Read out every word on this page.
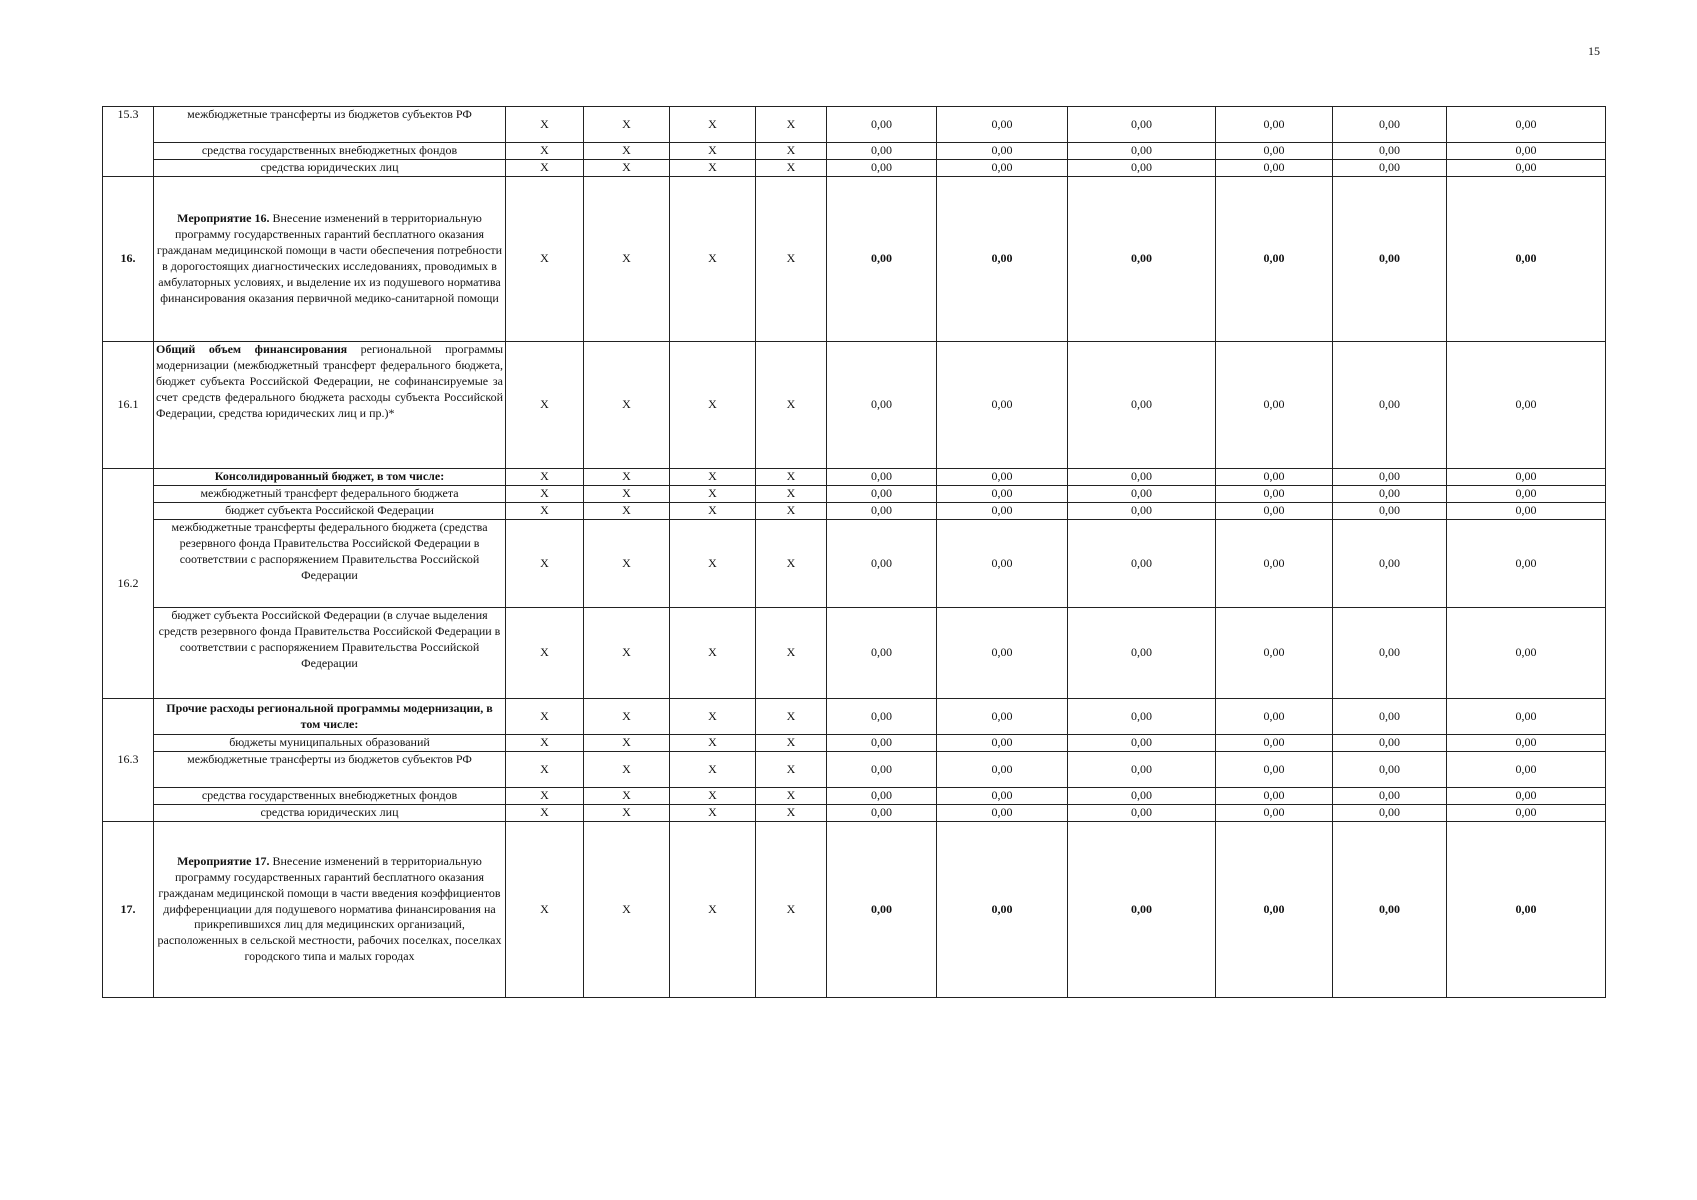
15
15.3	межбюджетные трансферты из бюджетов субъектов РФ	X	X	X	X	0,00	0,00	0,00	0,00	0,00	0,00
	средства государственных внебюджетных фондов	X	X	X	X	0,00	0,00	0,00	0,00	0,00	0,00
	средства юридических лиц	X	X	X	X	0,00	0,00	0,00	0,00	0,00	0,00
16.	Мероприятие 16. Внесение изменений в территориальную программу государственных гарантий бесплатного оказания гражданам медицинской помощи в части обеспечения потребности в дорогостоящих диагностических исследованиях, проводимых в амбулаторных условиях, и выделение их из подушевого норматива финансирования оказания первичной медико-санитарной помощи	X	X	X	X	0,00	0,00	0,00	0,00	0,00	0,00
16.1	Общий объем финансирования региональной программы модернизации (межбюджетный трансферт федерального бюджета, бюджет субъекта Российской Федерации, не софинансируемые за счет средств федерального бюджета расходы субъекта Российской Федерации, средства юридических лиц и пр.)*	X	X	X	X	0,00	0,00	0,00	0,00	0,00	0,00
16.2	Консолидированный бюджет, в том числе:	X	X	X	X	0,00	0,00	0,00	0,00	0,00	0,00
	межбюджетный трансферт федерального бюджета	X	X	X	X	0,00	0,00	0,00	0,00	0,00	0,00
	бюджет субъекта Российской Федерации	X	X	X	X	0,00	0,00	0,00	0,00	0,00	0,00
	межбюджетные трансферты федерального бюджета (средства резервного фонда Правительства Российской Федерации в соответствии с распоряжением Правительства Российской Федерации	X	X	X	X	0,00	0,00	0,00	0,00	0,00	0,00
	бюджет субъекта Российской Федерации (в случае выделения средств резервного фонда Правительства Российской Федерации в соответствии с распоряжением Правительства Российской Федерации	X	X	X	X	0,00	0,00	0,00	0,00	0,00	0,00
16.3	Прочие расходы региональной программы модернизации, в том числе:	X	X	X	X	0,00	0,00	0,00	0,00	0,00	0,00
	бюджеты муниципальных образований	X	X	X	X	0,00	0,00	0,00	0,00	0,00	0,00
	межбюджетные трансферты из бюджетов субъектов РФ	X	X	X	X	0,00	0,00	0,00	0,00	0,00	0,00
	средства государственных внебюджетных фондов	X	X	X	X	0,00	0,00	0,00	0,00	0,00	0,00
	средства юридических лиц	X	X	X	X	0,00	0,00	0,00	0,00	0,00	0,00
17.	Мероприятие 17. Внесение изменений в территориальную программу государственных гарантий бесплатного оказания гражданам медицинской помощи в части введения коэффициентов дифференциации для подушевого норматива финансирования на прикрепившихся лиц для медицинских организаций, расположенных в сельской местности, рабочих поселках, поселках городского типа и малых городах	X	X	X	X	0,00	0,00	0,00	0,00	0,00	0,00
